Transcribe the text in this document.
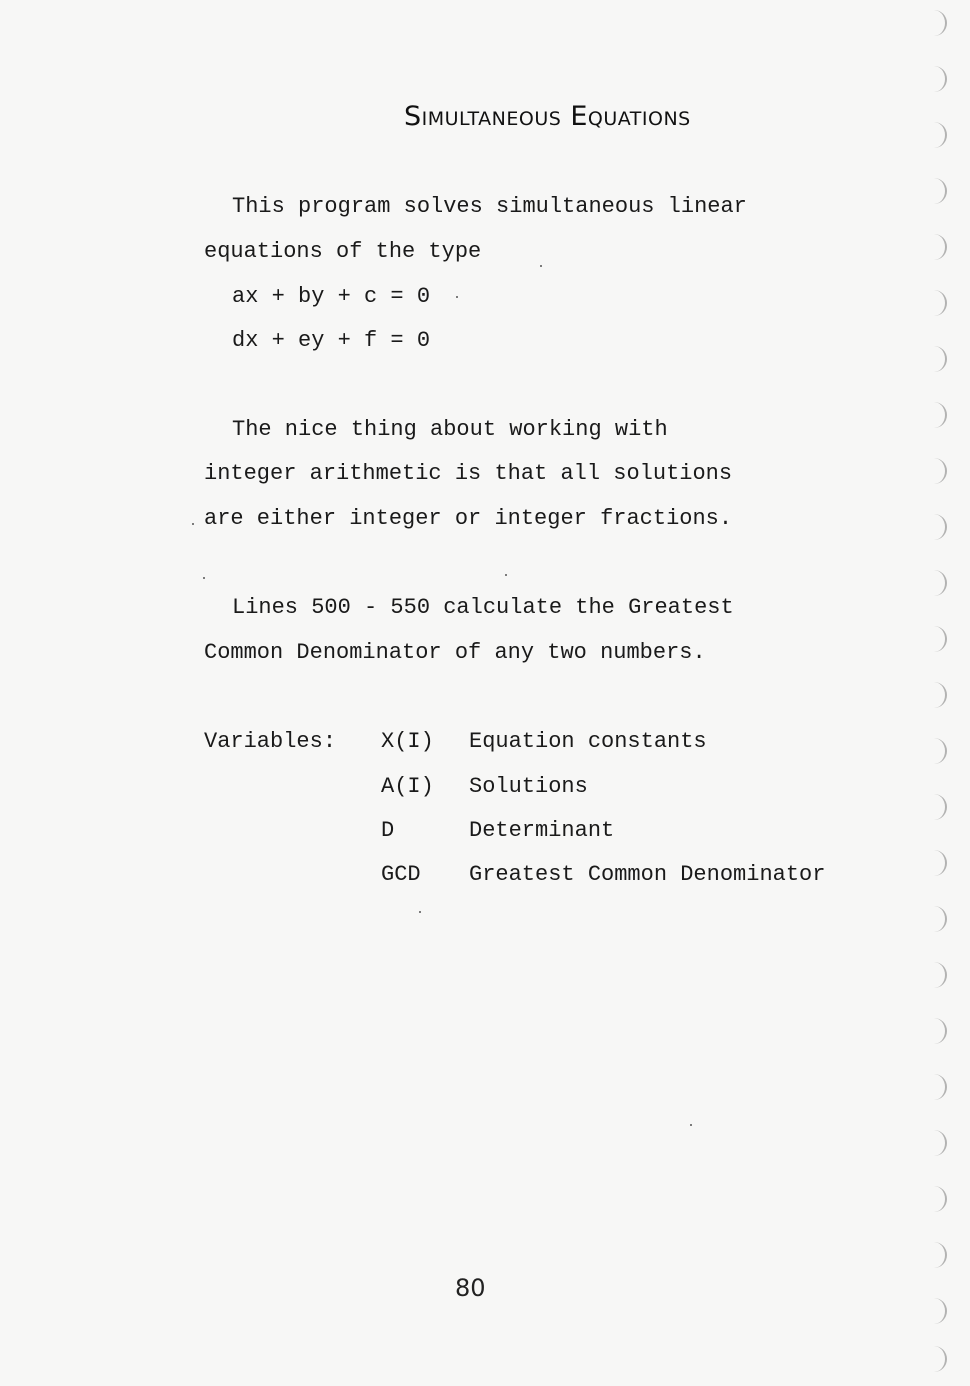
Simultaneous Equations
This program solves simultaneous linear
equations of the type
ax + by + c = 0
dx + ey + f = 0
The nice thing about working with
integer arithmetic is that all solutions
are either integer or integer fractions.
Lines 500 - 550 calculate the Greatest
Common Denominator of any two numbers.
Variables: X(I) Equation constants
A(I) Solutions
D	Determinant
GCD Greatest Common Denominator
80
